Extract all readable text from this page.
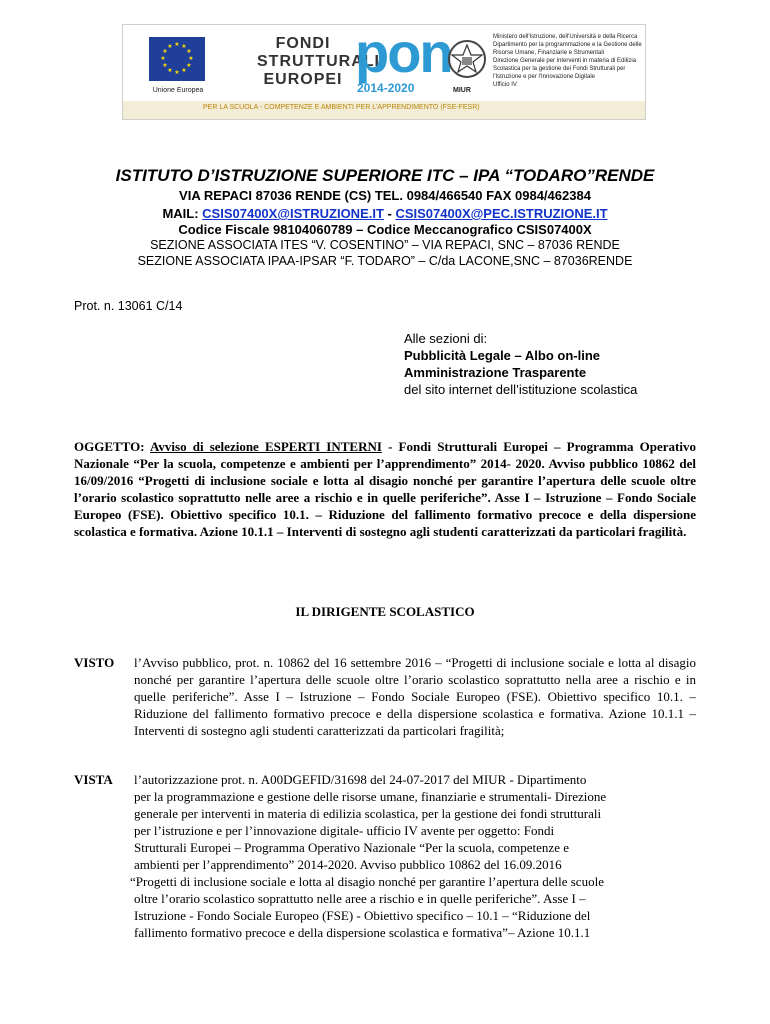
★ ★
★
★
★
★
★
★
★
★
★
★
Unione Europea
FONDI
STRUTTURALI
EUROPEI pon
2014-2020	MIUR
Ministero dell'Istruzione, dell'Università e della Ricerca
Dipartimento per la programmazione e la Gestione delle
Risorse Umane, Finanziarie e Strumentali
Direzione Generale per interventi in materia di Edilizia
Scolastica per la gestione dei Fondi Strutturali per
l'Istruzione e per l'Innovazione Digitale
Ufficio IV
PER LA SCUOLA - COMPETENZE E AMBIENTI PER L'APPRENDIMENTO (FSE-FESR)
ISTITUTO D’ISTRUZIONE SUPERIORE ITC – IPA “TODARO”RENDE
VIA REPACI 87036 RENDE (CS) TEL. 0984/466540 FAX 0984/462384
MAIL: CSIS07400X@ISTRUZIONE.IT - CSIS07400X@PEC.ISTRUZIONE.IT
Codice Fiscale 98104060789 – Codice Meccanografico CSIS07400X
SEZIONE ASSOCIATA ITES “V. COSENTINO” – VIA REPACI, SNC – 87036 RENDE
SEZIONE ASSOCIATA IPAA-IPSAR “F. TODARO” – C/da LACONE,SNC – 87036RENDE
Prot. n. 13061 C/14
Alle sezioni di:
Pubblicità Legale – Albo on-line
Amministrazione Trasparente
del sito internet dell’istituzione scolastica
OGGETTO: Avviso di selezione ESPERTI INTERNI - Fondi Strutturali Europei – Programma Operativo Nazionale “Per la scuola, competenze e ambienti per l’apprendimento” 2014- 2020. Avviso pubblico 10862 del 16/09/2016 “Progetti di inclusione sociale e lotta al disagio nonché per garantire l’apertura delle scuole oltre l’orario scolastico soprattutto nelle aree a rischio e in quelle periferiche”. Asse I – Istruzione – Fondo Sociale Europeo (FSE). Obiettivo specifico 10.1. – Riduzione del fallimento formativo precoce e della dispersione scolastica e formativa. Azione 10.1.1 – Interventi di sostegno agli studenti caratterizzati da particolari fragilità.
IL DIRIGENTE SCOLASTICO
VISTO l’Avviso pubblico, prot. n. 10862 del 16 settembre 2016 – “Progetti di inclusione sociale e lotta al disagio nonché per garantire l’apertura delle scuole oltre l’orario scolastico soprattutto nella aree a rischio e in quelle periferiche”. Asse I – Istruzione – Fondo Sociale Europeo (FSE). Obiettivo specifico 10.1. – Riduzione del fallimento formativo precoce e della dispersione scolastica e formativa. Azione 10.1.1 – Interventi di sostegno agli studenti caratterizzati da particolari fragilità;
VISTA	l’autorizzazione prot. n. A00DGEFID/31698 del 24-07-2017 del MIUR - Dipartimento
per la programmazione e gestione delle risorse umane, finanziarie e strumentali- Direzione
generale per interventi in materia di edilizia scolastica, per la gestione dei fondi strutturali
per l’istruzione e per l’innovazione digitale- ufficio IV avente per oggetto: Fondi
Strutturali Europei – Programma Operativo Nazionale “Per la scuola, competenze e
ambienti per l’apprendimento” 2014-2020. Avviso pubblico 10862 del 16.09.2016
“Progetti di inclusione sociale e lotta al disagio nonché per garantire l’apertura delle scuole
oltre l’orario scolastico soprattutto nelle aree a rischio e in quelle periferiche”. Asse I –
Istruzione - Fondo Sociale Europeo (FSE) - Obiettivo specifico – 10.1 – “Riduzione del
fallimento formativo precoce e della dispersione scolastica e formativa”– Azione 10.1.1
